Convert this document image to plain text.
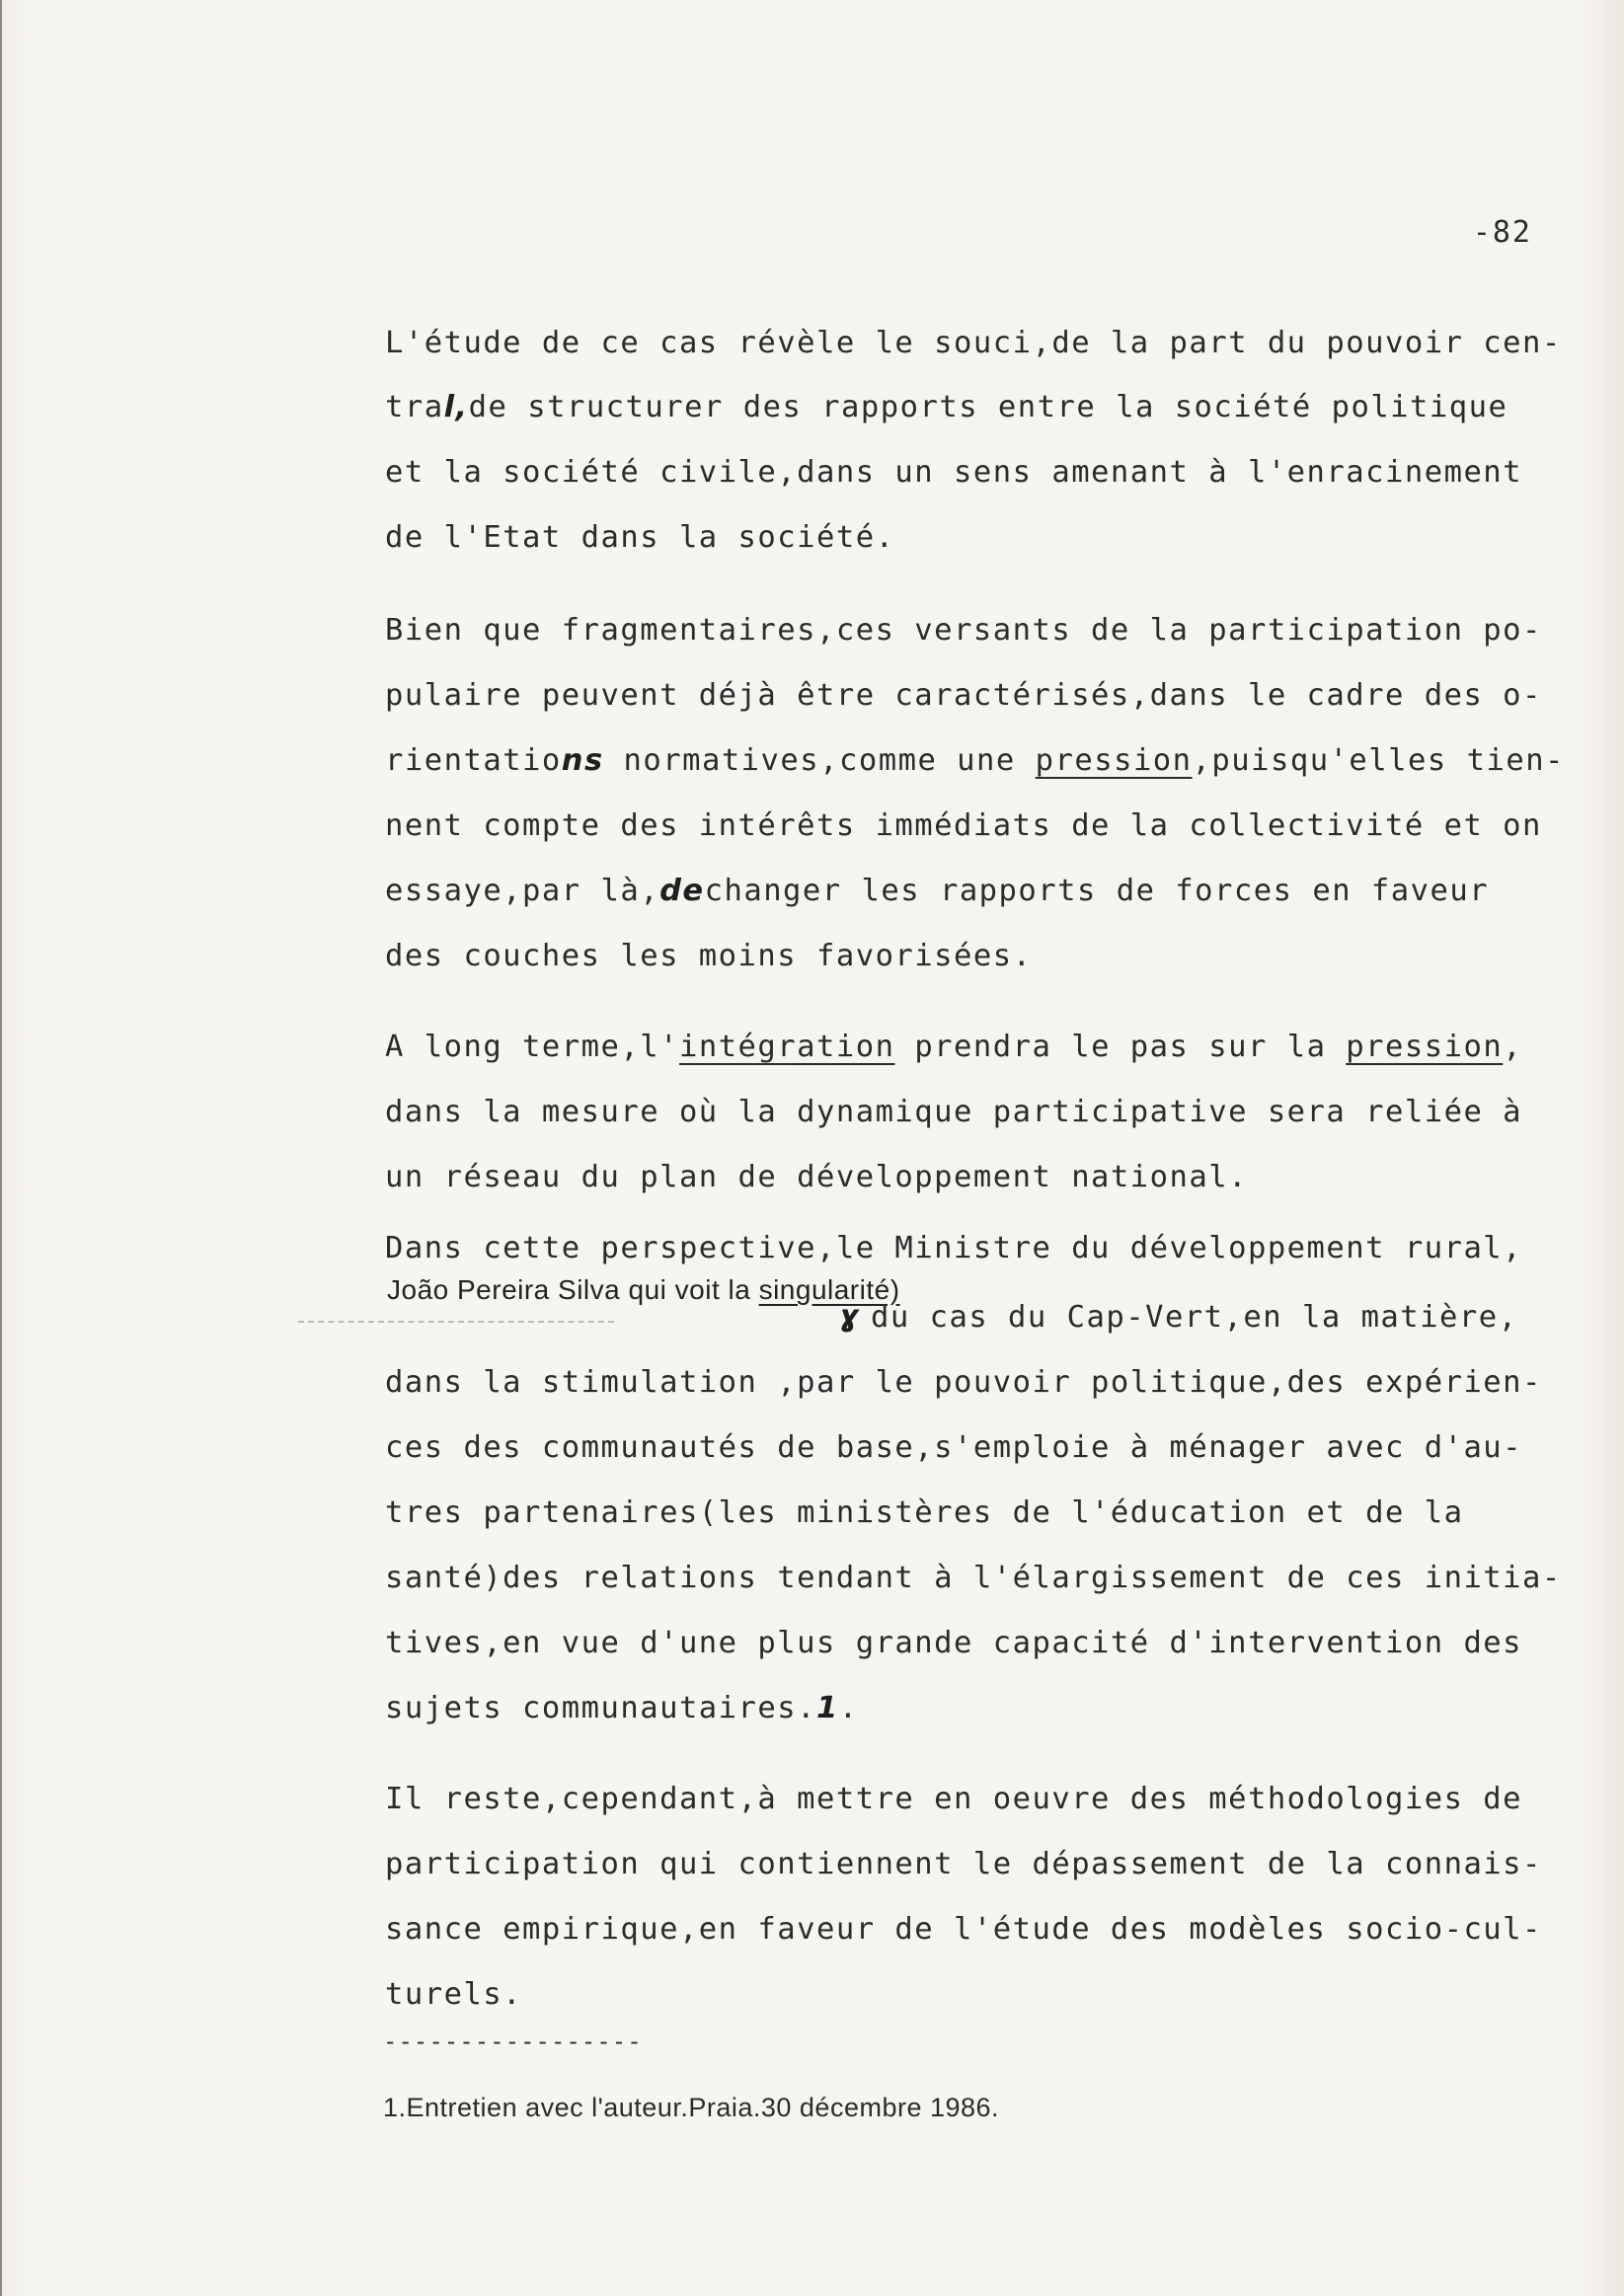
-82
L'étude de ce cas révèle le souci,de la part du pouvoir cen-
tral,de structurer des rapports entre la société politique
et la société civile,dans un sens amenant à l'enracinement
de l'Etat dans la société.
Bien que fragmentaires,ces versants de la participation po-
pulaire peuvent déjà être caractérisés,dans le cadre des o-
rientations normatives,comme une pression,puisqu'elles tien-
nent compte des intérêts immédiats de la collectivité et on
essaye,par là,dechanger les rapports de forces en faveur
des couches les moins favorisées.
A long terme,l'intégration prendra le pas sur la pression,
dans la mesure où la dynamique participative sera reliée à
un réseau du plan de développement national.
Dans cette perspective,le Ministre du développement rural,
João Pereira Silva qui voit la singularité)
ɣ du cas du Cap-Vert,en la matière,
dans la stimulation ,par le pouvoir politique,des expérien-
ces des communautés de base,s'emploie à ménager avec d'au-
tres partenaires(les ministères de l'éducation et de la
santé)des relations tendant à l'élargissement de ces initia-
tives,en vue d'une plus grande capacité d'intervention des
sujets communautaires.1.
Il reste,cependant,à mettre en oeuvre des méthodologies de
participation qui contiennent le dépassement de la connais-
sance empirique,en faveur de l'étude des modèles socio-cul-
turels.
-----------------
1.Entretien avec l'auteur.Praia.30 décembre 1986.
